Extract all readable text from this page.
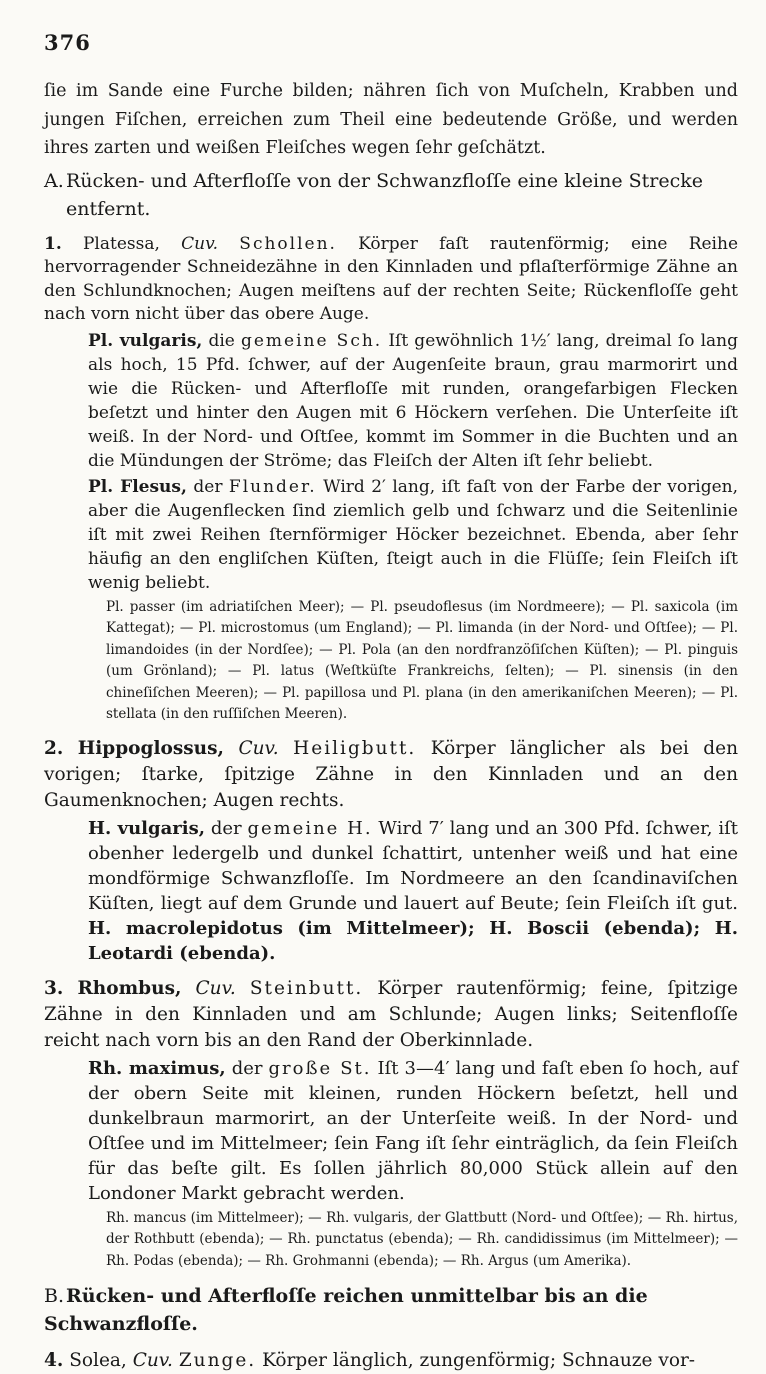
376

ſie im Sande eine Furche bilden; nähren ſich von Muſcheln, Krabben und jungen Fiſchen, erreichen zum Theil eine bedeutende Größe, und werden ihres zarten und weißen Fleiſches wegen ſehr geſchätzt.

A. Rücken- und Afterfloſſe von der Schwanzfloſſe eine kleine Strecke
entfernt.

1. Platessa, Cuv. Schollen. Körper faſt rautenförmig; eine Reihe hervorragender Schneidezähne in den Kinnladen und pflaſterförmige Zähne an den Schlundknochen; Augen meiſtens auf der rechten Seite; Rückenfloſſe geht nach vorn nicht über das obere Auge.

Pl. vulgaris, die gemeine Sch. Iſt gewöhnlich 1½′ lang, dreimal ſo lang als hoch, 15 Pfd. ſchwer, auf der Augenſeite braun, grau marmorirt und wie die Rücken- und Afterfloſſe mit runden, orangefarbigen Flecken beſetzt und hinter den Augen mit 6 Höckern verſehen. Die Unterſeite iſt weiß. In der Nord- und Oſtſee, kommt im Sommer in die Buchten und an die Mündungen der Ströme; das Fleiſch der Alten iſt ſehr beliebt.

Pl. Flesus, der Flunder. Wird 2′ lang, iſt faſt von der Farbe der vorigen, aber die Augenflecken ſind ziemlich gelb und ſchwarz und die Seitenlinie iſt mit zwei Reihen ſternförmiger Höcker bezeichnet. Ebenda, aber ſehr häufig an den engliſchen Küſten, ſteigt auch in die Flüſſe; ſein Fleiſch iſt wenig beliebt.

Pl. passer (im adriatiſchen Meer); — Pl. pseudoflesus (im Nordmeere); — Pl. saxicola (im Kattegat); — Pl. microstomus (um England); — Pl. limanda (in der Nord- und Oſtſee); — Pl. limandoides (in der Nordſee); — Pl. Pola (an den nordfranzöſiſchen Küſten); — Pl. pinguis (um Grönland); — Pl. latus (Weſtküſte Frankreichs, ſelten); — Pl. sinensis (in den chineſiſchen Meeren); — Pl. papillosa und Pl. plana (in den amerikaniſchen Meeren); — Pl. stellata (in den ruſſiſchen Meeren).

2. Hippoglossus, Cuv. Heiligbutt. Körper länglicher als bei den vorigen; ſtarke, ſpitzige Zähne in den Kinnladen und an den Gaumenknochen; Augen rechts.

H. vulgaris, der gemeine H. Wird 7′ lang und an 300 Pfd. ſchwer, iſt obenher ledergelb und dunkel ſchattirt, untenher weiß und hat eine mondförmige Schwanzfloſſe. Im Nordmeere an den ſcandinaviſchen Küſten, liegt auf dem Grunde und lauert auf Beute; ſein Fleiſch iſt gut. H. macrolepidotus (im Mittelmeer); H. Boscii (ebenda); H. Leotardi (ebenda).

3. Rhombus, Cuv. Steinbutt. Körper rautenförmig; feine, ſpitzige Zähne in den Kinnladen und am Schlunde; Augen links; Seitenfloſſe reicht nach vorn bis an den Rand der Oberkinnlade.

Rh. maximus, der große St. Iſt 3—4′ lang und faſt eben ſo hoch, auf der obern Seite mit kleinen, runden Höckern beſetzt, hell und dunkelbraun marmorirt, an der Unterſeite weiß. In der Nord- und Oſtſee und im Mittelmeer; ſein Fang iſt ſehr einträglich, da ſein Fleiſch für das beſte gilt. Es ſollen jährlich 80,000 Stück allein auf den Londoner Markt gebracht werden.

Rh. mancus (im Mittelmeer); — Rh. vulgaris, der Glattbutt (Nord- und Oſtſee); — Rh. hirtus, der Rothbutt (ebenda); — Rh. punctatus (ebenda); — Rh. candidissimus (im Mittelmeer); — Rh. Podas (ebenda); — Rh. Grohmanni (ebenda); — Rh. Argus (um Amerika).

B. Rücken- und Afterfloſſe reichen unmittelbar bis an die Schwanzfloſſe.

4. Solea, Cuv. Zunge. Körper länglich, zungenförmig; Schnauze vor-
